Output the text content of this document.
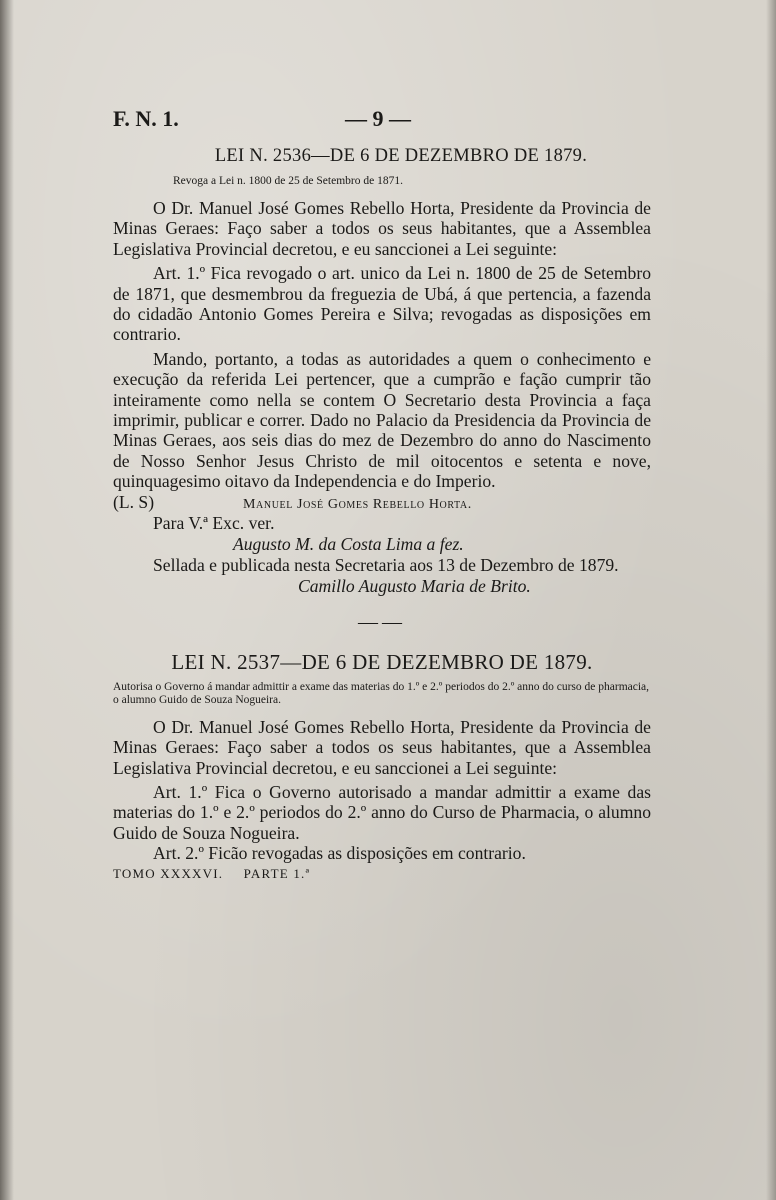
F. N. 1.	— 9 —
LEI N. 2536—DE 6 DE DEZEMBRO DE 1879.
Revoga a Lei n. 1800 de 25 de Setembro de 1871.

O Dr. Manuel José Gomes Rebello Horta, Presidente da Provincia de Minas Geraes: Faço saber a todos os seus habitantes, que a Assemblea Legislativa Provincial decretou, e eu sanccionei a Lei seguinte:

Art. 1.º Fica revogado o art. unico da Lei n. 1800 de 25 de Setembro de 1871, que desmembrou da freguezia de Ubá, á que pertencia, a fazenda do cidadão Antonio Gomes Pereira e Silva; revogadas as disposições em contrario.

Mando, portanto, a todas as autoridades a quem o conhecimento e execução da referida Lei pertencer, que a cumprão e fação cumprir tão inteiramente como nella se contem O Secretario desta Provincia a faça imprimir, publicar e correr. Dado no Palacio da Presidencia da Provincia de Minas Geraes, aos seis dias do mez de Dezembro do anno do Nascimento de Nosso Senhor Jesus Christo de mil oitocentos e setenta e nove, quinquagesimo oitavo da Independencia e do Imperio.

(L. S)	Manuel José Gomes Rebello Horta.
Para V.ª Exc. ver.
Augusto M. da Costa Lima a fez.
Sellada e publicada nesta Secretaria aos 13 de Dezembro de 1879.
Camillo Augusto Maria de Brito.
——
LEI N. 2537—DE 6 DE DEZEMBRO DE 1879.
Autorisa o Governo á mandar admittir a exame das materias do 1.º e 2.º periodos do 2.º anno do curso de pharmacia, o alumno Guido de Souza Nogueira.

O Dr. Manuel José Gomes Rebello Horta, Presidente da Provincia de Minas Geraes: Faço saber a todos os seus habitantes, que a Assemblea Legislativa Provincial decretou, e eu sanccionei a Lei seguinte:

Art. 1.º Fica o Governo autorisado a mandar admittir a exame das materias do 1.º e 2.º periodos do 2.º anno do Curso de Pharmacia, o alumno Guido de Souza Nogueira.

Art. 2.º Ficão revogadas as disposições em contrario.

TOMO XXXXVI. PARTE 1.ª
